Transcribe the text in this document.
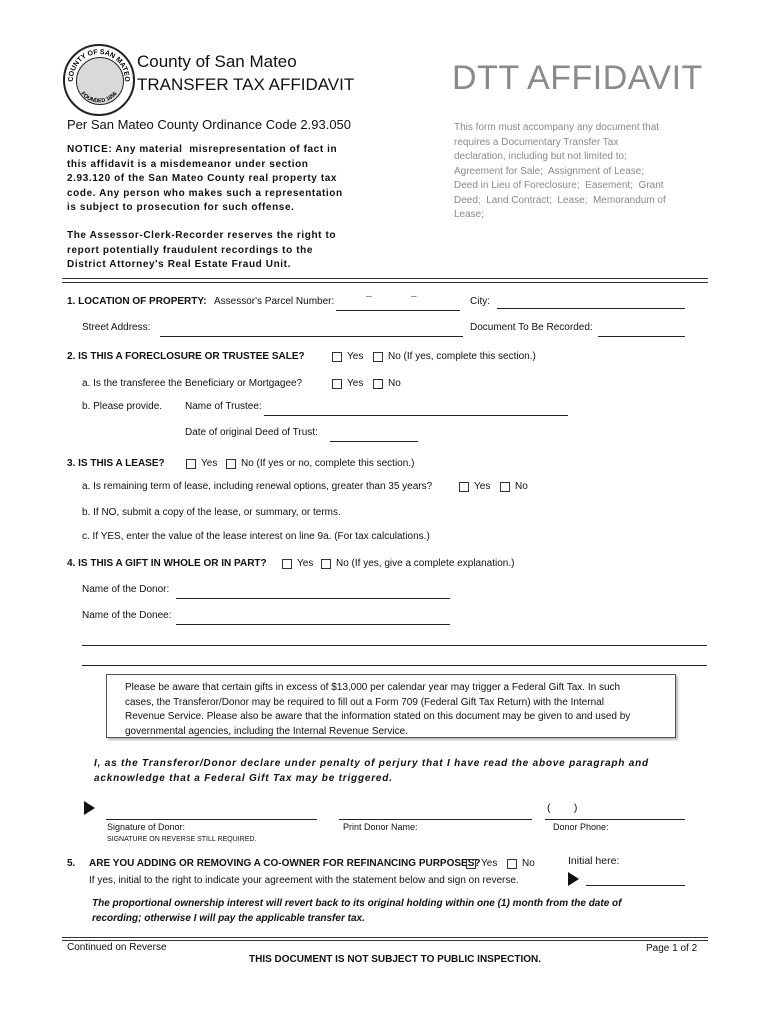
COUNTY OF SAN MATEO
FOUNDED 1856
County of San Mateo
TRANSFER TAX AFFIDAVIT	DTT AFFIDAVIT
Per San Mateo County Ordinance Code 2.93.050
NOTICE: Any material  misrepresentation of fact in
this affidavit is a misdemeanor under section
2.93.120 of the San Mateo County real property tax
code. Any person who makes such a representation
is subject to prosecution for such offense.
The Assessor-Clerk-Recorder reserves the right to
report potentially fraudulent recordings to the
District Attorney's Real Estate Fraud Unit.
This form must accompany any document that
requires a Documentary Transfer Tax
declaration, including but not limited to;
Agreement for Sale;  Assignment of Lease;
Deed in Lieu of Foreclosure;  Easement;  Grant
Deed;  Land Contract;  Lease;  Memorandum of
Lease;
1. LOCATION OF PROPERTY: Assessor's Parcel Number:	–	–	City:
Street Address:	Document To Be Recorded:
2. IS THIS A FORECLOSURE OR TRUSTEE SALE?	Yes No (If yes, complete this section.)
a. Is the transferee the Beneficiary or Mortgagee?	Yes No
b. Please provide. Name of Trustee:
Date of original Deed of Trust:
3. IS THIS A LEASE?	Yes No (If yes or no, complete this section.)
a. Is remaining term of lease, including renewal options, greater than 35 years?	Yes No
b. If NO, submit a copy of the lease, or summary, or terms.
c. If YES, enter the value of the lease interest on line 9a. (For tax calculations.)
4. IS THIS A GIFT IN WHOLE OR IN PART?	Yes No (If yes, give a complete explanation.)
Name of the Donor:
Name of the Donee:
Please be aware that certain gifts in excess of $13,000 per calendar year may trigger a Federal Gift Tax. In such
cases, the Transferor/Donor may be required to fill out a Form 709 (Federal Gift Tax Return) with the Internal
Revenue Service. Please also be aware that the information stated on this document may be given to and used by
governmental agencies, including the Internal Revenue Service.
I, as the Transferor/Donor declare under penalty of perjury that I have read the above paragraph and
acknowledge that a Federal Gift Tax may be triggered.
(        )
Signature of Donor:
SIGNATURE ON REVERSE STILL REQUIRED.
Print Donor Name:	Donor Phone:
5. ARE YOU ADDING OR REMOVING A CO-OWNER FOR REFINANCING PURPOSES? Yes No	Initial here:
If yes, initial to the right to indicate your agreement with the statement below and sign on reverse.
The proportional ownership interest will revert back to its original holding within one (1) month from the date of
recording; otherwise I will pay the applicable transfer tax.
Continued on Reverse	Page 1 of 2
THIS DOCUMENT IS NOT SUBJECT TO PUBLIC INSPECTION.
